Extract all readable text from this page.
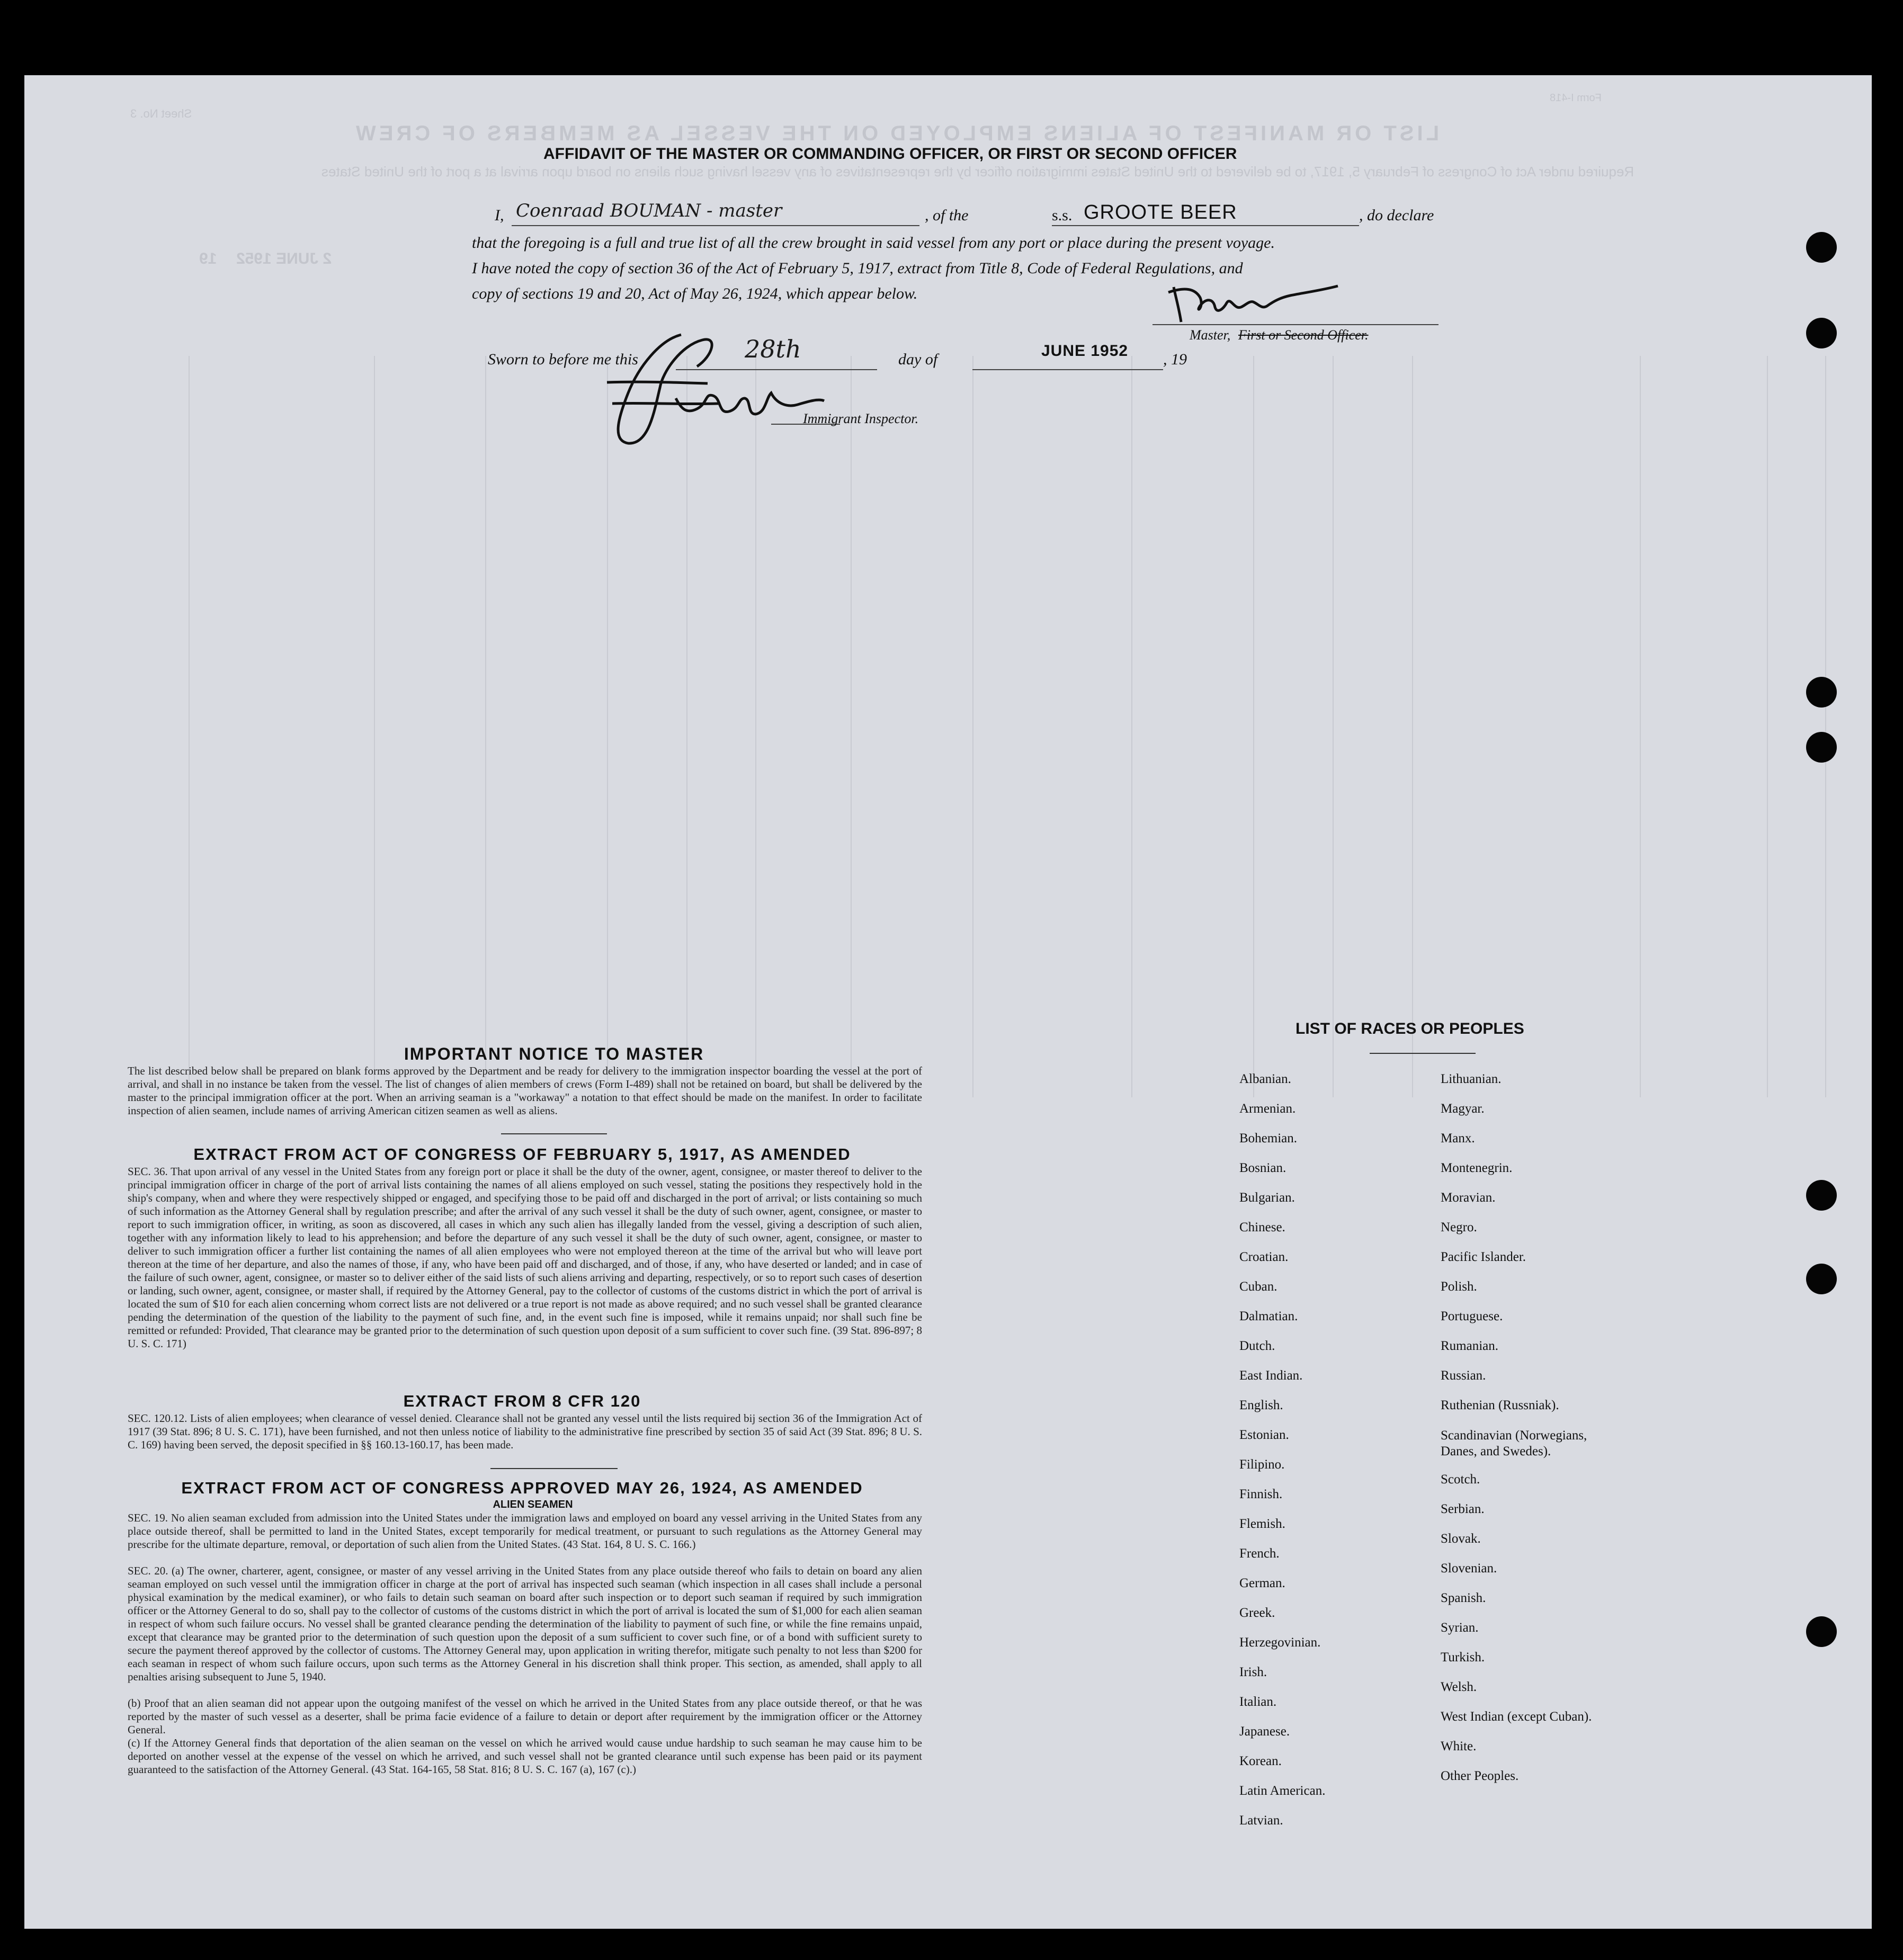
LIST OR MANIFEST OF ALIENS EMPLOYED ON THE VESSEL AS MEMBERS OF CREW
Sheet No. 3
Form I-418
Required under Act of Congress of February 5, 1917, to be delivered to the United States immigration officer by the representatives of any vessel having such aliens on board upon arrival at a port of the United States
2 JUNE 1952
19
AFFIDAVIT OF THE MASTER OR COMMANDING OFFICER, OR FIRST OR SECOND OFFICER
I, Coenraad BOUMAN - master	, of the	s.s. GROOTE BEER	, do declare
that the foregoing is a full and true list of all the crew brought in said vessel from any port or place during the present voyage.
I have noted the copy of section 36 of the Act of February 5, 1917, extract from Title 8, Code of Federal Regulations, and
copy of sections 19 and 20, Act of May 26, 1924, which appear below.
Master, First or Second Officer.
Sworn to before me this	28th	day of	JUNE 1952 , 19
Immigrant Inspector.
IMPORTANT NOTICE TO MASTER
The list described below shall be prepared on blank forms approved by the Department and be ready for delivery to the immigration inspector boarding the vessel at the port of arrival, and shall in no instance be taken from the vessel. The list of changes of alien members of crews (Form I-489) shall not be retained on board, but shall be delivered by the master to the principal immigration officer at the port. When an arriving seaman is a "workaway" a notation to that effect should be made on the manifest. In order to facilitate inspection of alien seamen, include names of arriving American citizen seamen as well as aliens.
EXTRACT FROM ACT OF CONGRESS OF FEBRUARY 5, 1917, AS AMENDED
SEC. 36. That upon arrival of any vessel in the United States from any foreign port or place it shall be the duty of the owner, agent, consignee, or master thereof to deliver to the principal immigration officer in charge of the port of arrival lists containing the names of all aliens employed on such vessel, stating the positions they respectively hold in the ship's company, when and where they were respectively shipped or engaged, and specifying those to be paid off and discharged in the port of arrival; or lists containing so much of such information as the Attorney General shall by regulation prescribe; and after the arrival of any such vessel it shall be the duty of such owner, agent, consignee, or master to report to such immigration officer, in writing, as soon as discovered, all cases in which any such alien has illegally landed from the vessel, giving a description of such alien, together with any information likely to lead to his apprehension; and before the departure of any such vessel it shall be the duty of such owner, agent, consignee, or master to deliver to such immigration officer a further list containing the names of all alien employees who were not employed thereon at the time of the arrival but who will leave port thereon at the time of her departure, and also the names of those, if any, who have been paid off and discharged, and of those, if any, who have deserted or landed; and in case of the failure of such owner, agent, consignee, or master so to deliver either of the said lists of such aliens arriving and departing, respectively, or so to report such cases of desertion or landing, such owner, agent, consignee, or master shall, if required by the Attorney General, pay to the collector of customs of the customs district in which the port of arrival is located the sum of $10 for each alien concerning whom correct lists are not delivered or a true report is not made as above required; and no such vessel shall be granted clearance pending the determination of the question of the liability to the payment of such fine, and, in the event such fine is imposed, while it remains unpaid; nor shall such fine be remitted or refunded: Provided, That clearance may be granted prior to the determination of such question upon deposit of a sum sufficient to cover such fine. (39 Stat. 896-897; 8 U. S. C. 171)
EXTRACT FROM 8 CFR 120
SEC. 120.12. Lists of alien employees; when clearance of vessel denied. Clearance shall not be granted any vessel until the lists required bij section 36 of the Immigration Act of 1917 (39 Stat. 896; 8 U. S. C. 171), have been furnished, and not then unless notice of liability to the administrative fine prescribed by section 35 of said Act (39 Stat. 896; 8 U. S. C. 169) having been served, the deposit specified in §§ 160.13-160.17, has been made.
EXTRACT FROM ACT OF CONGRESS APPROVED MAY 26, 1924, AS AMENDED
ALIEN SEAMEN
SEC. 19. No alien seaman excluded from admission into the United States under the immigration laws and employed on board any vessel arriving in the United States from any place outside thereof, shall be permitted to land in the United States, except temporarily for medical treatment, or pursuant to such regulations as the Attorney General may prescribe for the ultimate departure, removal, or deportation of such alien from the United States. (43 Stat. 164, 8 U. S. C. 166.)
SEC. 20. (a) The owner, charterer, agent, consignee, or master of any vessel arriving in the United States from any place outside thereof who fails to detain on board any alien seaman employed on such vessel until the immigration officer in charge at the port of arrival has inspected such seaman (which inspection in all cases shall include a personal physical examination by the medical examiner), or who fails to detain such seaman on board after such inspection or to deport such seaman if required by such immigration officer or the Attorney General to do so, shall pay to the collector of customs of the customs district in which the port of arrival is located the sum of $1,000 for each alien seaman in respect of whom such failure occurs. No vessel shall be granted clearance pending the determination of the liability to payment of such fine, or while the fine remains unpaid, except that clearance may be granted prior to the determination of such question upon the deposit of a sum sufficient to cover such fine, or of a bond with sufficient surety to secure the payment thereof approved by the collector of customs. The Attorney General may, upon application in writing therefor, mitigate such penalty to not less than $200 for each seaman in respect of whom such failure occurs, upon such terms as the Attorney General in his discretion shall think proper. This section, as amended, shall apply to all penalties arising subsequent to June 5, 1940.
(b) Proof that an alien seaman did not appear upon the outgoing manifest of the vessel on which he arrived in the United States from any place outside thereof, or that he was reported by the master of such vessel as a deserter, shall be prima facie evidence of a failure to detain or deport after requirement by the immigration officer or the Attorney General.
(c) If the Attorney General finds that deportation of the alien seaman on the vessel on which he arrived would cause undue hardship to such seaman he may cause him to be deported on another vessel at the expense of the vessel on which he arrived, and such vessel shall not be granted clearance until such expense has been paid or its payment guaranteed to the satisfaction of the Attorney General. (43 Stat. 164-165, 58 Stat. 816; 8 U. S. C. 167 (a), 167 (c).)
LIST OF RACES OR PEOPLES
Albanian.
Armenian.
Bohemian.
Bosnian.
Bulgarian.
Chinese.
Croatian.
Cuban.
Dalmatian.
Dutch.
East Indian.
English.
Estonian.
Filipino.
Finnish.
Flemish.
French.
German.
Greek.
Herzegovinian.
Irish.
Italian.
Japanese.
Korean.
Latin American.
Latvian.
Lithuanian.
Magyar.
Manx.
Montenegrin.
Moravian.
Negro.
Pacific Islander.
Polish.
Portuguese.
Rumanian.
Russian.
Ruthenian (Russniak).
Scandinavian (Norwegians, Danes, and Swedes).
Scotch.
Serbian.
Slovak.
Slovenian.
Spanish.
Syrian.
Turkish.
Welsh.
West Indian (except Cuban).
White.
Other Peoples.
